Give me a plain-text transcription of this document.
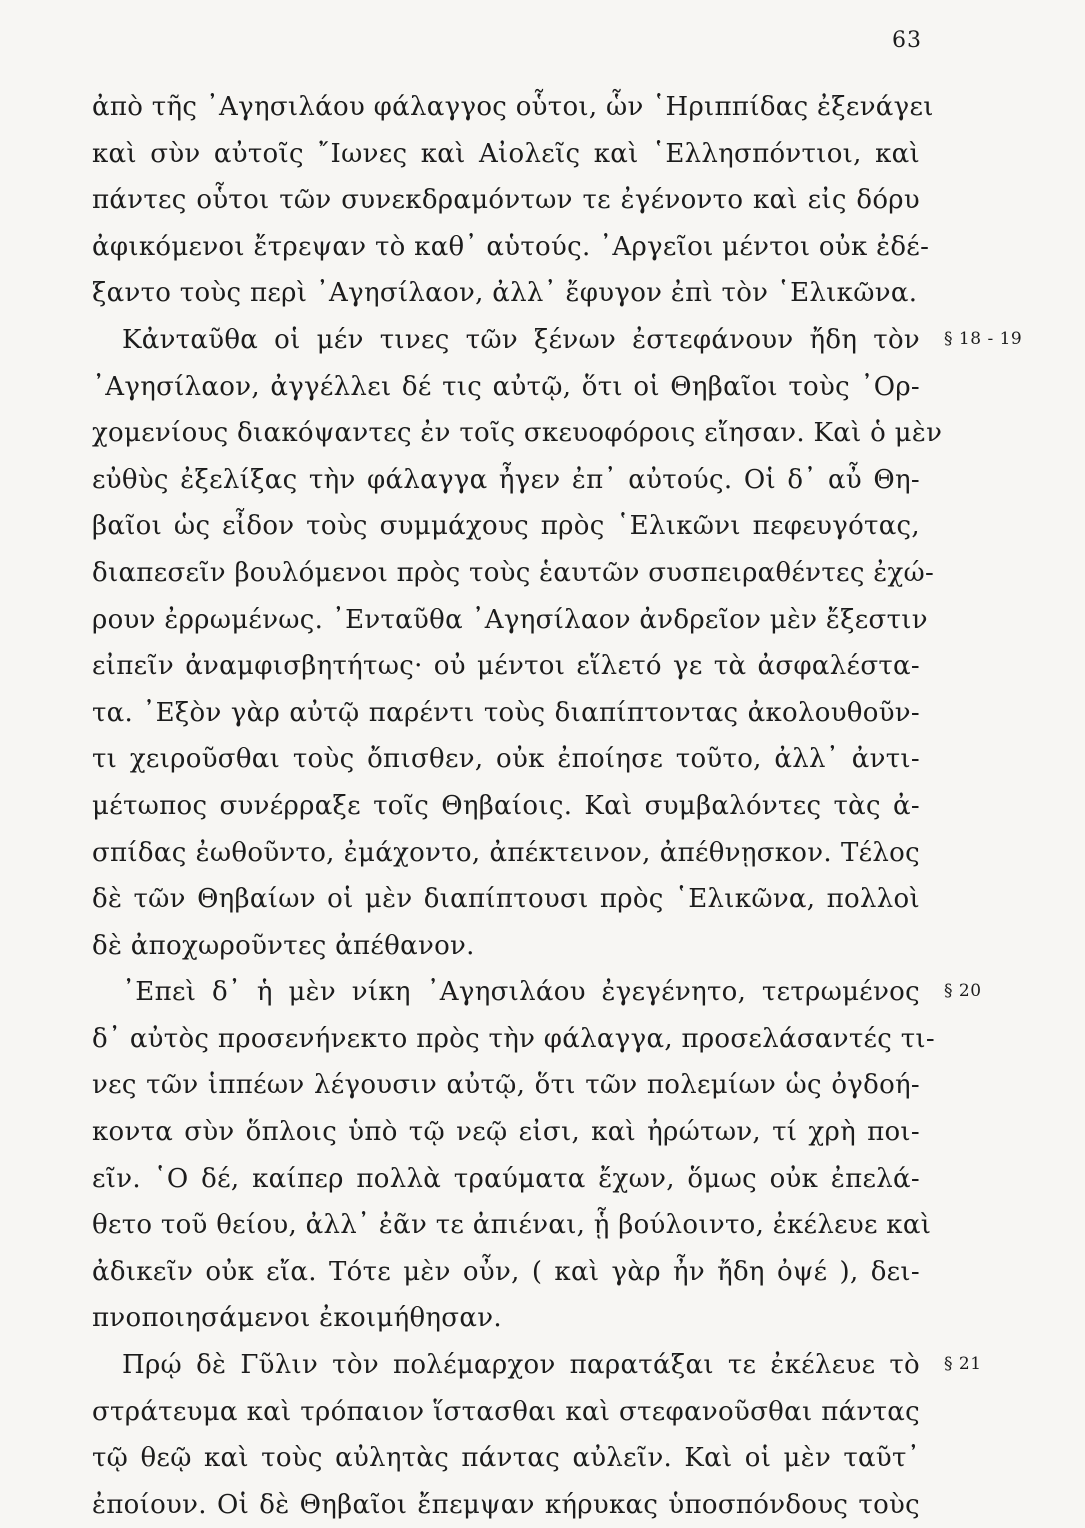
63
ἀπὸ τῆς ᾿Αγησιλάου φάλαγγος οὗτοι, ὧν ῾Ηριππίδας ἐξενάγει
καὶ σὺν αὐτοῖς ῎Ιωνες καὶ Αἰολεῖς καὶ ῾Ελλησπόντιοι, καὶ
πάντες οὗτοι τῶν συνεκδραμόντων τε ἐγένοντο καὶ εἰς δόρυ
ἀφικόμενοι ἔτρεψαν τὸ καθ᾿ αὑτούς. ᾿Αργεῖοι μέντοι οὐκ ἐδέ-
ξαντο τοὺς περὶ ᾿Αγησίλαον, ἀλλ᾿ ἔφυγον ἐπὶ τὸν ῾Ελικῶνα.
Κἀνταῦθα οἱ μέν τινες τῶν ξένων ἐστεφάνουν ἤδη τὸν
᾿Αγησίλαον, ἀγγέλλει δέ τις αὐτῷ, ὅτι οἱ Θηβαῖοι τοὺς ᾿Ορ-
χομενίους διακόψαντες ἐν τοῖς σκευοφόροις εἴησαν. Καὶ ὁ μὲν
εὐθὺς ἐξελίξας τὴν φάλαγγα ἦγεν ἐπ᾿ αὐτούς. Οἱ δ᾿ αὖ Θη-
βαῖοι ὡς εἶδον τοὺς συμμάχους πρὸς ῾Ελικῶνι πεφευγότας,
διαπεσεῖν βουλόμενοι πρὸς τοὺς ἑαυτῶν συσπειραθέντες ἐχώ-
ρουν ἐρρωμένως. ᾿Ενταῦθα ᾿Αγησίλαον ἀνδρεῖον μὲν ἔξεστιν
εἰπεῖν ἀναμφισβητήτως· οὐ μέντοι εἵλετό γε τὰ ἀσφαλέστα-
τα. ᾿Εξὸν γὰρ αὐτῷ παρέντι τοὺς διαπίπτοντας ἀκολουθοῦν-
τι χειροῦσθαι τοὺς ὄπισθεν, οὐκ ἐποίησε τοῦτο, ἀλλ᾿ ἀντι-
μέτωπος συνέρραξε τοῖς Θηβαίοις. Καὶ συμβαλόντες τὰς ἀ-
σπίδας ἐωθοῦντο, ἐμάχοντο, ἀπέκτεινον, ἀπέθνῃσκον. Τέλος
δὲ τῶν Θηβαίων οἱ μὲν διαπίπτουσι πρὸς ῾Ελικῶνα, πολλοὶ
δὲ ἀποχωροῦντες ἀπέθανον.
᾿Επεὶ δ᾿ ἡ μὲν νίκη ᾿Αγησιλάου ἐγεγένητο, τετρωμένος
δ᾿ αὐτὸς προσενήνεκτο πρὸς τὴν φάλαγγα, προσελάσαντές τι-
νες τῶν ἱππέων λέγουσιν αὐτῷ, ὅτι τῶν πολεμίων ὡς ὀγδοή-
κοντα σὺν ὅπλοις ὑπὸ τῷ νεῷ εἰσι, καὶ ἠρώτων, τί χρὴ ποι-
εῖν. ῾Ο δέ, καίπερ πολλὰ τραύματα ἔχων, ὅμως οὐκ ἐπελά-
θετο τοῦ θείου, ἀλλ᾿ ἐᾶν τε ἀπιέναι, ᾗ βούλοιντο, ἐκέλευε καὶ
ἀδικεῖν οὐκ εἴα. Τότε μὲν οὖν, ( καὶ γὰρ ἦν ἤδη ὀψέ ), δει-
πνοποιησάμενοι ἐκοιμήθησαν.
Πρῴ δὲ Γῦλιν τὸν πολέμαρχον παρατάξαι τε ἐκέλευε τὸ
στράτευμα καὶ τρόπαιον ἵστασθαι καὶ στεφανοῦσθαι πάντας
τῷ θεῷ καὶ τοὺς αὐλητὰς πάντας αὐλεῖν. Καὶ οἱ μὲν ταῦτ᾿
ἐποίουν. Οἱ δὲ Θηβαῖοι ἔπεμψαν κήρυκας ὑποσπόνδους τοὺς
§ 18 - 19
§ 20
§ 21
